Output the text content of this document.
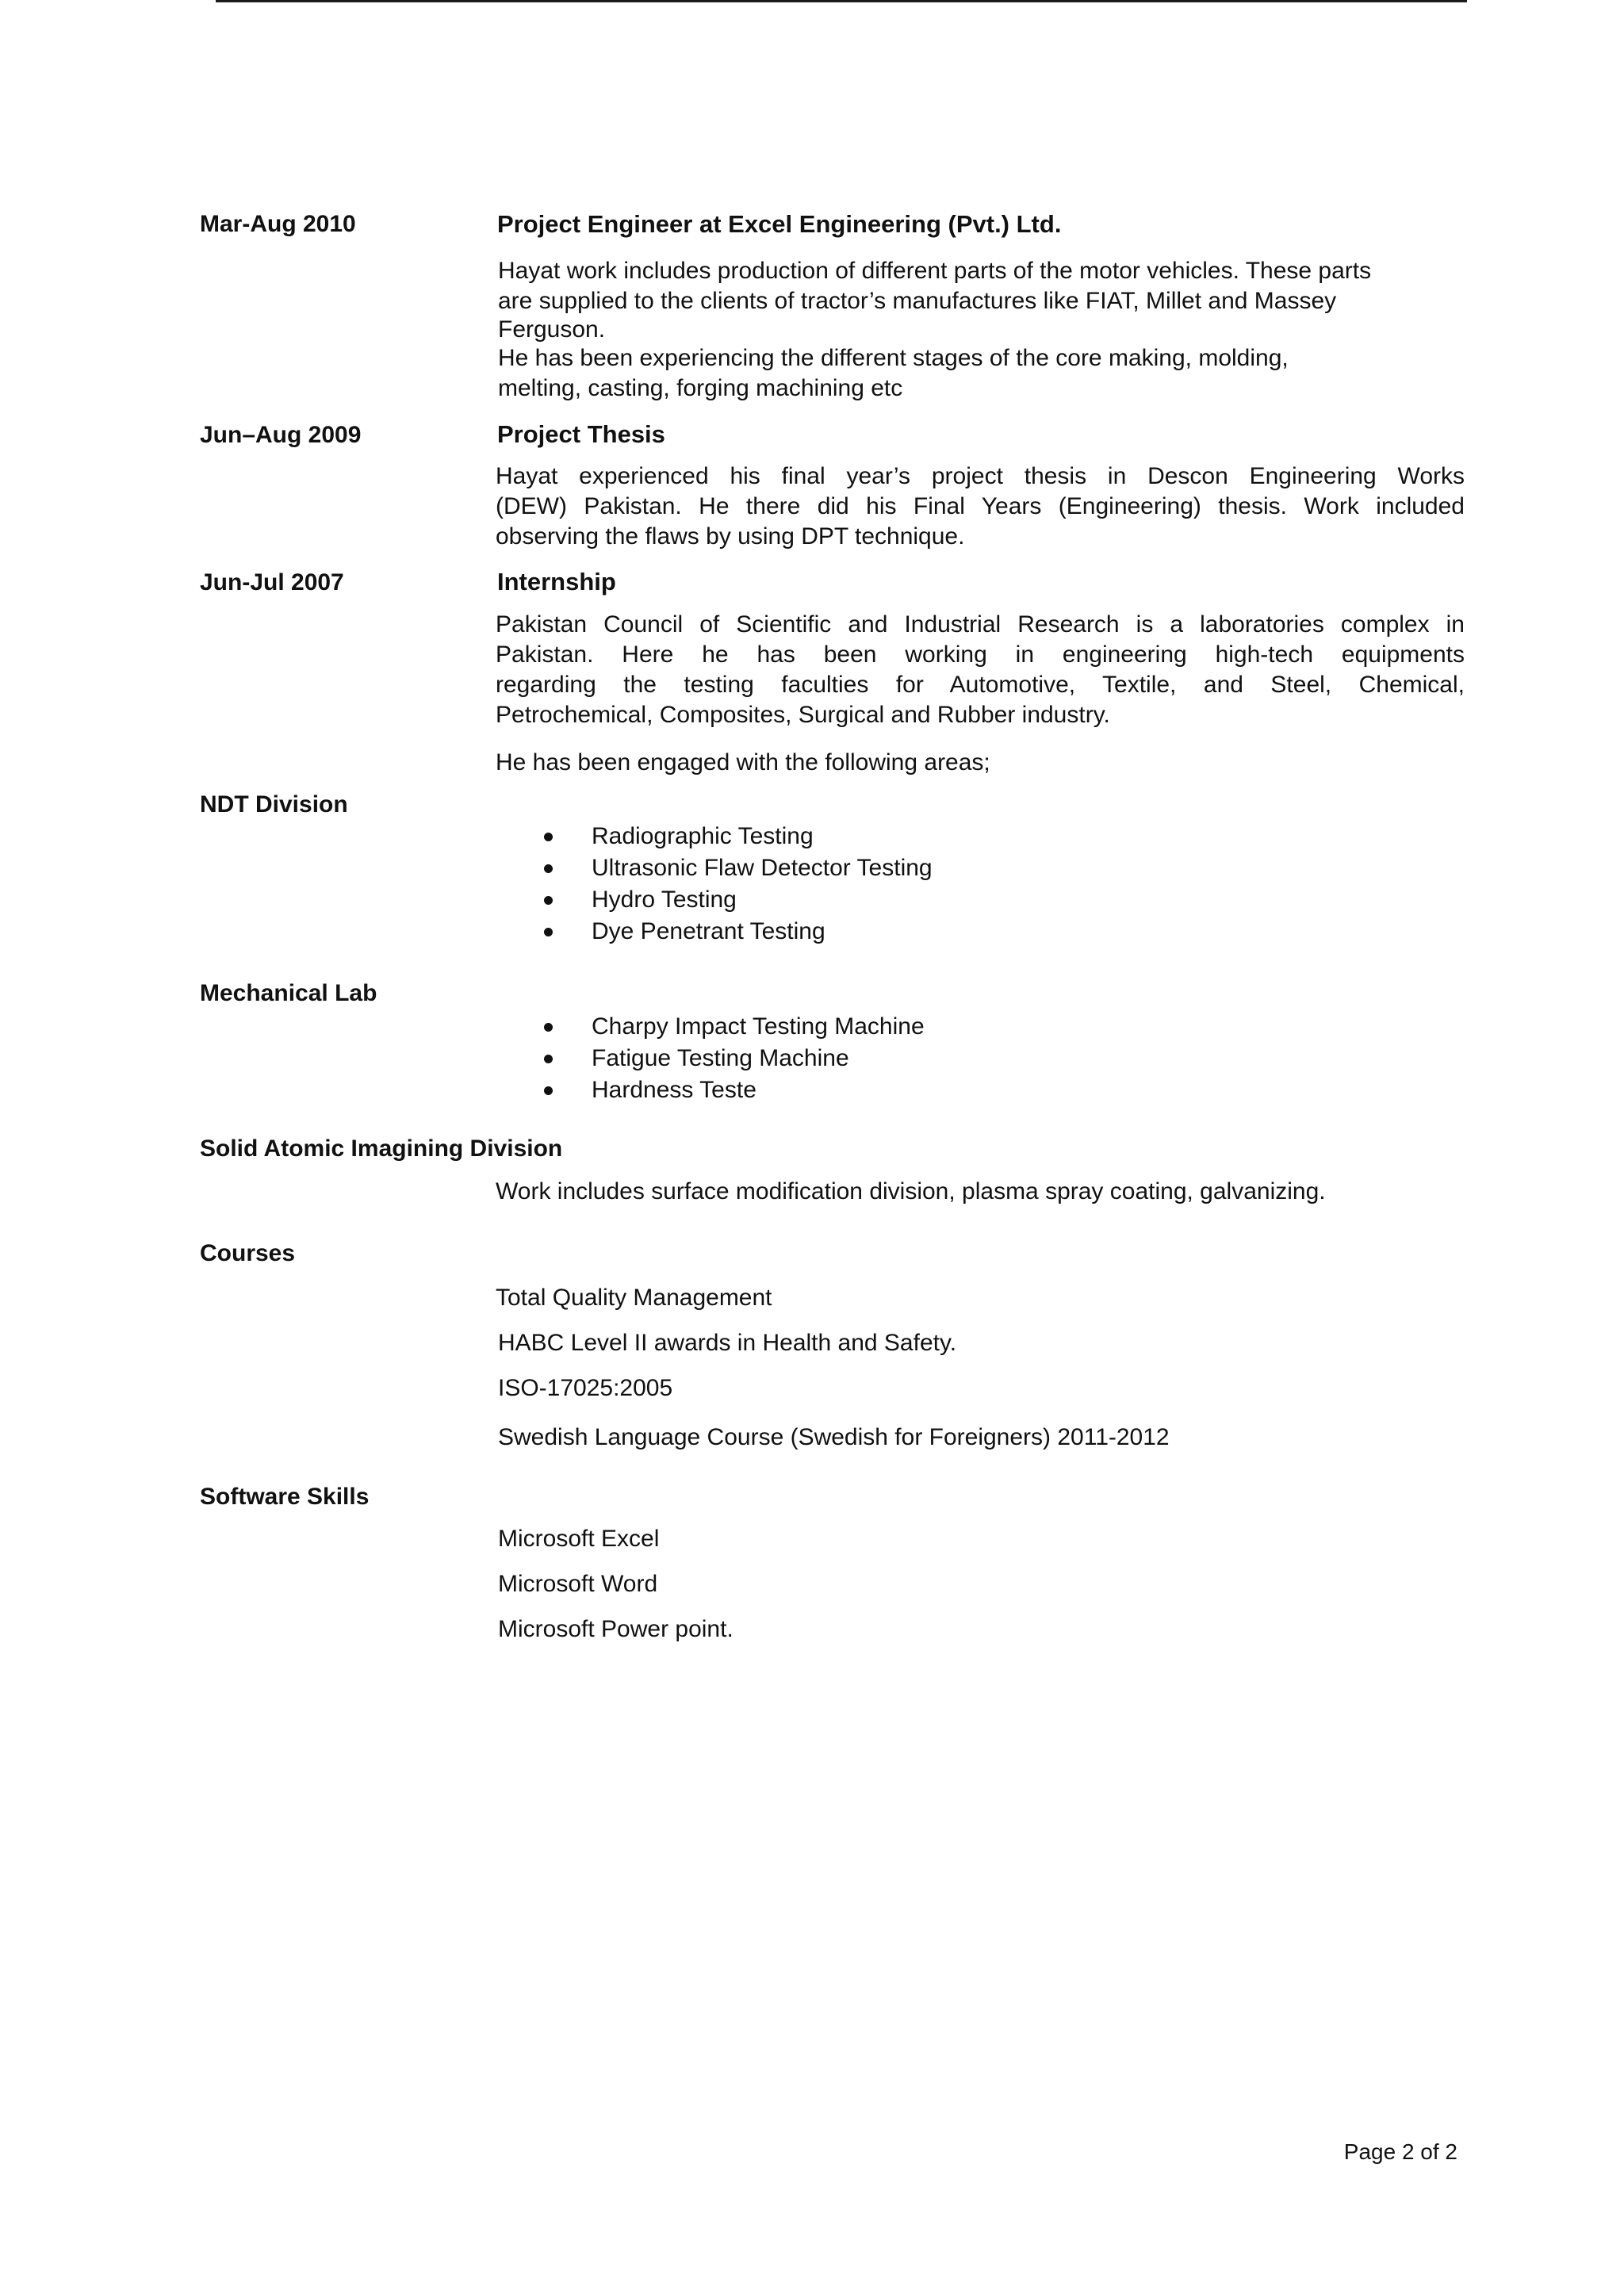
Mar-Aug 2010	Project Engineer at Excel Engineering (Pvt.) Ltd.
Hayat work includes production of different parts of the motor vehicles. These parts
are supplied to the clients of tractor’s manufactures like FIAT, Millet and Massey
Ferguson.
He has been experiencing the different stages of the core making, molding,
melting, casting, forging machining etc
Jun–Aug 2009	Project Thesis
Hayat experienced his final year’s project thesis in Descon Engineering Works
(DEW) Pakistan. He there did his Final Years (Engineering) thesis. Work included
observing the flaws by using DPT technique.
Jun-Jul 2007	Internship
Pakistan Council of Scientific and Industrial Research is a laboratories complex in
Pakistan. Here he has been working in engineering high-tech equipments
regarding the testing faculties for Automotive, Textile, and Steel, Chemical,
Petrochemical, Composites, Surgical and Rubber industry.
He has been engaged with the following areas;
NDT Division
Radiographic Testing
Ultrasonic Flaw Detector Testing
Hydro Testing
Dye Penetrant Testing
Mechanical Lab
Charpy Impact Testing Machine
Fatigue Testing Machine
Hardness Teste
Solid Atomic Imagining Division
Work includes surface modification division, plasma spray coating, galvanizing.
Courses
Total Quality Management
HABC Level II awards in Health and Safety.
ISO-17025:2005
Swedish Language Course (Swedish for Foreigners) 2011-2012
Software Skills
Microsoft Excel
Microsoft Word
Microsoft Power point.
Page 2 of 2
